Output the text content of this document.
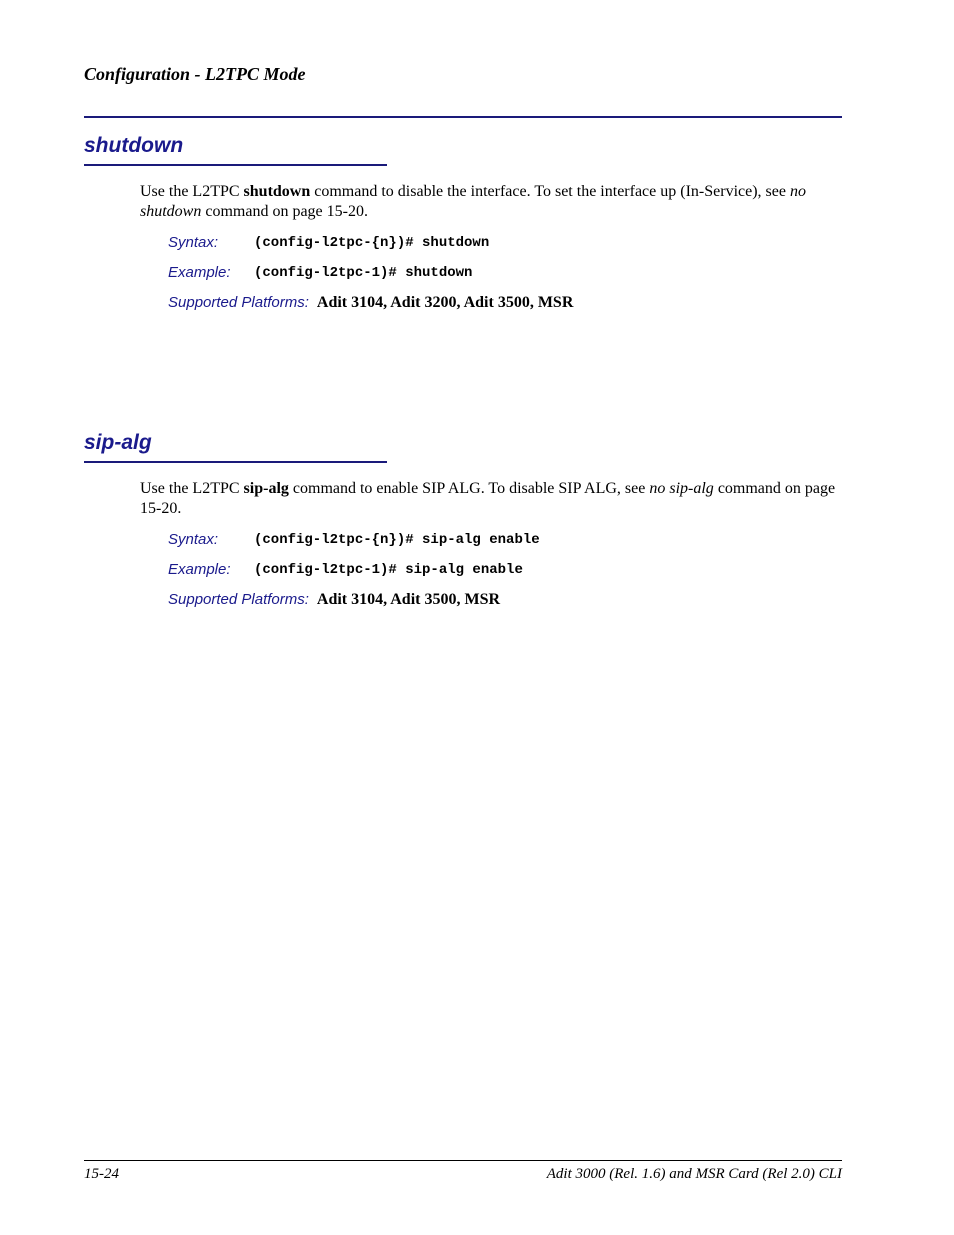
Configuration - L2TPC Mode
shutdown
Use the L2TPC shutdown command to disable the interface. To set the interface up (In-Service), see no shutdown command on page 15-20.
Syntax:	(config-l2tpc-{n})# shutdown
Example: (config-l2tpc-1)# shutdown
Supported Platforms: Adit 3104, Adit 3200, Adit 3500, MSR
sip-alg
Use the L2TPC sip-alg command to enable SIP ALG. To disable SIP ALG, see no sip-alg command on page 15-20.
Syntax:	(config-l2tpc-{n})# sip-alg enable
Example: (config-l2tpc-1)# sip-alg enable
Supported Platforms: Adit 3104, Adit 3500, MSR
15-24	Adit 3000 (Rel. 1.6) and MSR Card (Rel 2.0) CLI
